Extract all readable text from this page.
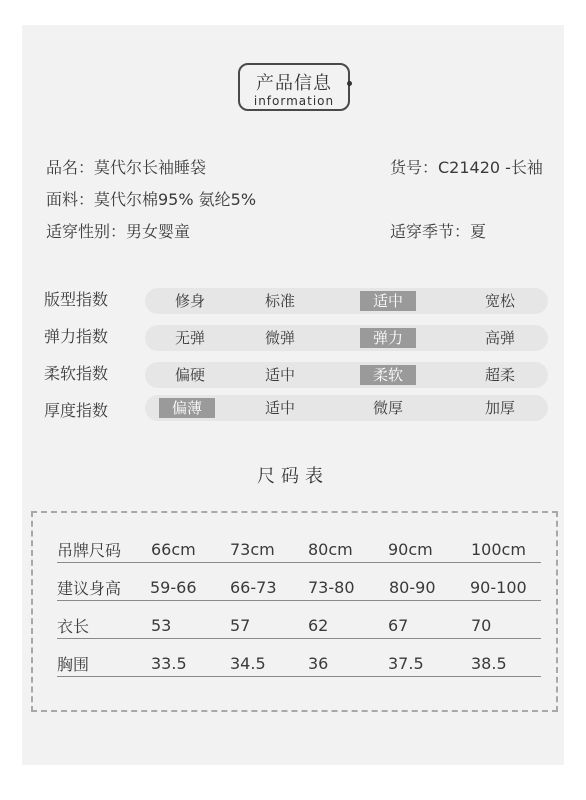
产品信息
information
品名：莫代尔长袖睡袋	货号：C21420 -长袖
面料：莫代尔棉95% 氨纶5%
适穿性别：男女婴童	适穿季节：夏
版型指数	修身	标准	适中	宽松
弹力指数	无弹	微弹	弹力	高弹
柔软指数	偏硬	适中	柔软	超柔
厚度指数	偏薄	适中	微厚	加厚
尺码表
吊牌尺码 66cm 73cm 80cm 90cm 100cm
建议身高 59-66 66-73 73-80 80-90 90-100
衣长	53	57	62	67	70
胸围	33.5	34.5	36	37.5	38.5
